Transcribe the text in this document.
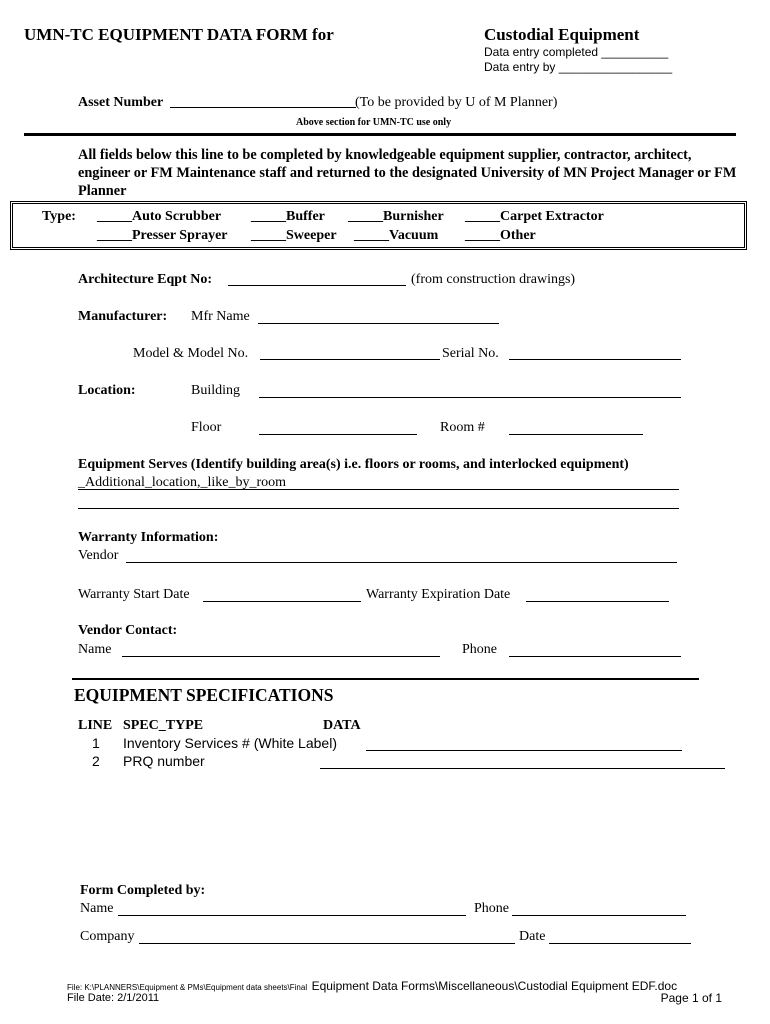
UMN-TC EQUIPMENT DATA FORM for	Custodial Equipment
Data entry completed __________
Data entry by _________________
Asset Number	(To be provided by U of M Planner)
Above section for UMN-TC use only
All fields below this line to be completed by knowledgeable equipment supplier, contractor, architect, engineer or FM Maintenance staff and returned to the designated University of MN Project Manager or FM Planner
Type: _____Auto Scrubber _____Buffer _____Burnisher _____Carpet Extractor
_____Presser Sprayer _____Sweeper _____Vacuum _____Other
Architecture Eqpt No:	(from construction drawings)
Manufacturer: Mfr Name
Model & Model No.	Serial No.
Location:	Building
Floor	Room #
Equipment Serves (Identify building area(s) i.e. floors or rooms, and interlocked equipment)
_Additional_location,_like_by_room
Warranty Information:
Vendor
Warranty Start Date	Warranty Expiration Date
Vendor Contact:
Name	Phone
EQUIPMENT SPECIFICATIONS
LINE SPEC_TYPE	DATA
1 Inventory Services # (White Label)
2 PRQ number
Form Completed by:
Name	Phone
Company	Date
File: K:\PLANNERS\Equipment & PMs\Equipment data sheets\Final Equipment Data Forms\Miscellaneous\Custodial Equipment EDF.doc
File Date: 2/1/2011	Page 1 of 1
